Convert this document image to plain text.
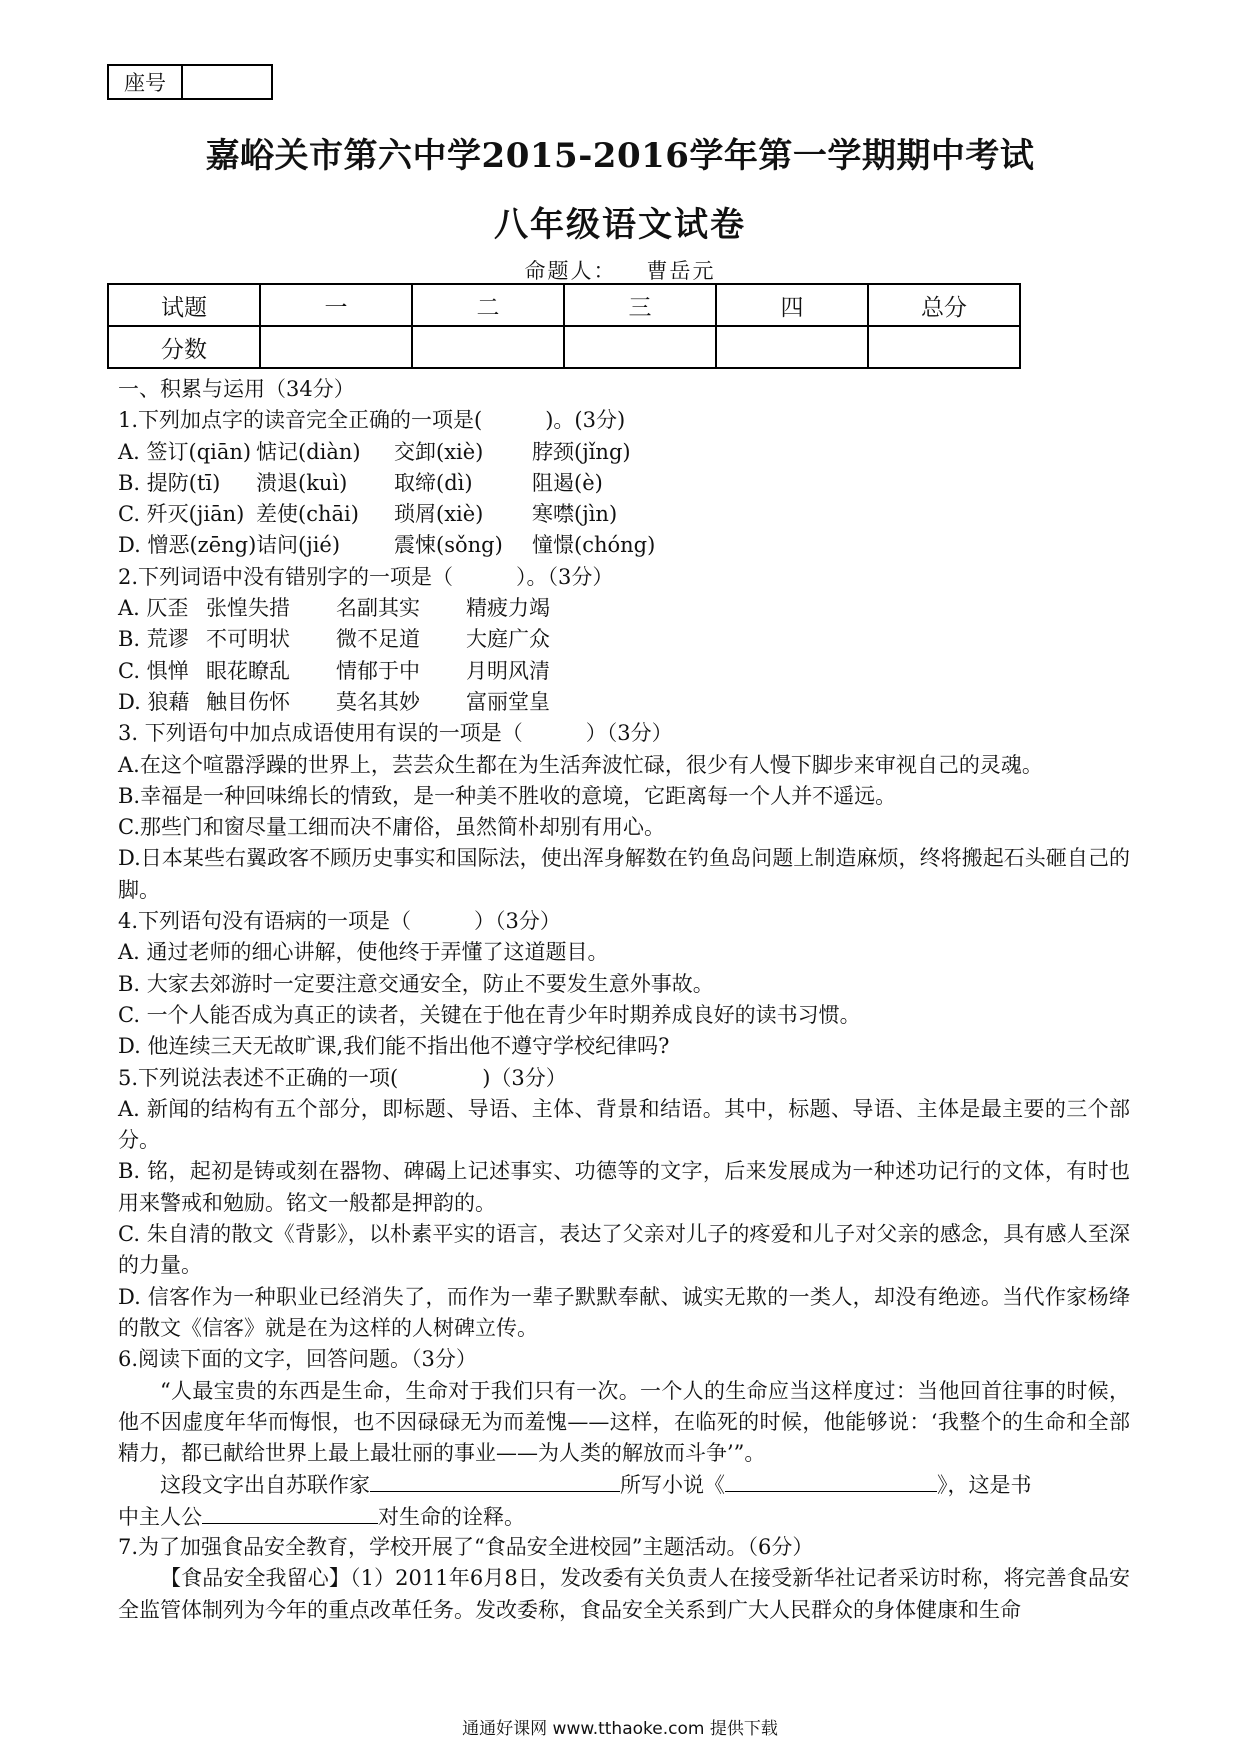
座号
嘉峪关市第六中学2015-2016学年第一学期期中考试
八年级语文试卷
命题人： 曹岳元
试题	一	二	三	四	总分
分数					
一、积累与运用（34分）
1.下列加点字的读音完全正确的一项是(　　　)。(3分)
A. 签订(qiān) 惦记(diàn) 交卸(xiè) 脖颈(jǐng)
B. 提防(tī) 溃退(kuì) 取缔(dì)	阻遏(è)
C. 歼灭(jiān) 差使(chāi) 琐屑(xiè) 寒噤(jìn)
D. 憎恶(zēng)诘问(jié)	震悚(sǒng) 憧憬(chóng)
2.下列词语中没有错别字的一项是（　　　）。（3分）
A. 仄歪 张惶失措 名副其实 精疲力竭
B. 荒谬 不可明状 微不足道 大庭广众
C. 惧惮 眼花瞭乱 情郁于中 月明风清
D. 狼藉 触目伤怀 莫名其妙 富丽堂皇
3. 下列语句中加点成语使用有误的一项是（　　　）（3分）
A.在这个喧嚣浮躁的世界上，芸芸众生都在为生活奔波忙碌，很少有人慢下脚步来审视自己的灵魂。
B.幸福是一种回味绵长的情致，是一种美不胜收的意境，它距离每一个人并不遥远。
C.那些门和窗尽量工细而决不庸俗，虽然简朴却别有用心。
D.日本某些右翼政客不顾历史事实和国际法，使出浑身解数在钓鱼岛问题上制造麻烦，终将搬起石头砸自己的脚。
4.下列语句没有语病的一项是（　　　）（3分）
A. 通过老师的细心讲解，使他终于弄懂了这道题目。
B. 大家去郊游时一定要注意交通安全，防止不要发生意外事故。
C. 一个人能否成为真正的读者，关键在于他在青少年时期养成良好的读书习惯。
D. 他连续三天无故旷课,我们能不指出他不遵守学校纪律吗?
5.下列说法表述不正确的一项(　　　　)（3分）
A. 新闻的结构有五个部分，即标题、导语、主体、背景和结语。其中，标题、导语、主体是最主要的三个部分。
B. 铭，起初是铸或刻在器物、碑碣上记述事实、功德等的文字，后来发展成为一种述功记行的文体，有时也用来警戒和勉励。铭文一般都是押韵的。
C. 朱自清的散文《背影》，以朴素平实的语言，表达了父亲对儿子的疼爱和儿子对父亲的感念，具有感人至深的力量。
D. 信客作为一种职业已经消失了，而作为一辈子默默奉献、诚实无欺的一类人，却没有绝迹。当代作家杨绛的散文《信客》就是在为这样的人树碑立传。
6.阅读下面的文字，回答问题。（3分）
“人最宝贵的东西是生命，生命对于我们只有一次。一个人的生命应当这样度过：当他回首往事的时候，他不因虚度年华而悔恨，也不因碌碌无为而羞愧——这样，在临死的时候，他能够说：‘我整个的生命和全部精力，都已献给世界上最上最壮丽的事业——为人类的解放而斗争’”。
这段文字出自苏联作家	所写小说《	》，这是书
中主人公	对生命的诠释。
7.为了加强食品安全教育，学校开展了“食品安全进校园”主题活动。（6分）
【食品安全我留心】（1）2011年6月8日，发改委有关负责人在接受新华社记者采访时称，将完善食品安全监管体制列为今年的重点改革任务。发改委称，食品安全关系到广大人民群众的身体健康和生命
通通好课网 www.tthaoke.com 提供下载
